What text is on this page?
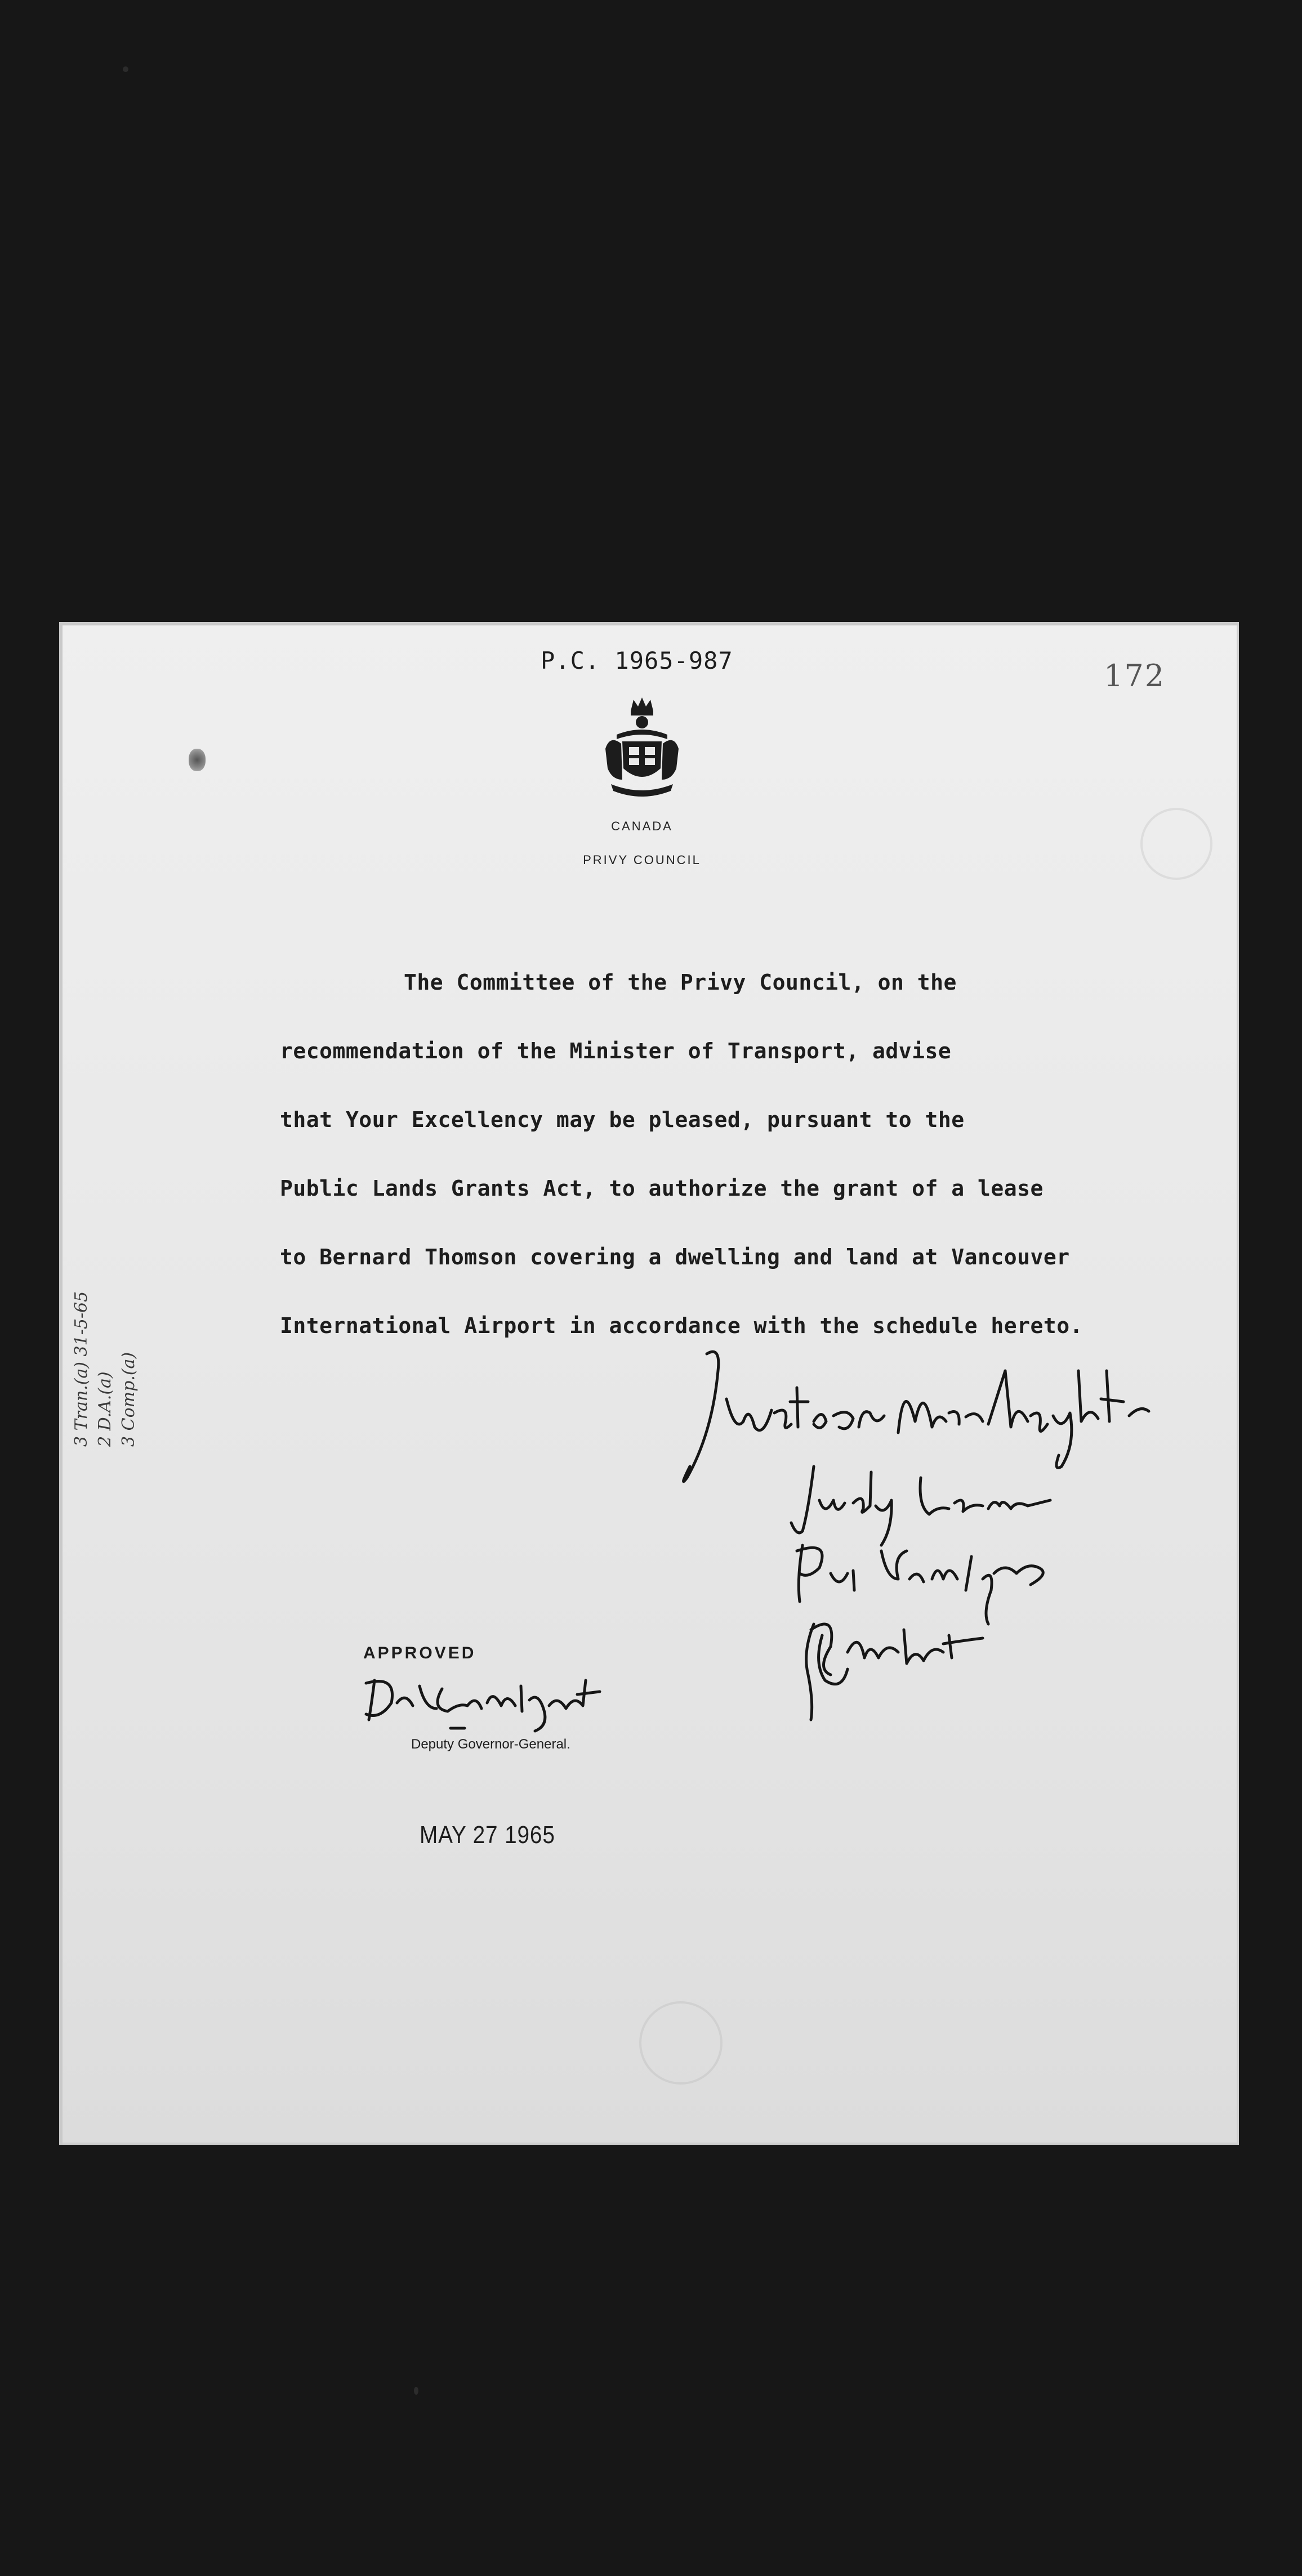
P.C. 1965-987	172
CANADA
PRIVY COUNCIL
The Committee of the Privy Council, on the
recommendation of the Minister of Transport, advise
that Your Excellency may be pleased, pursuant to the
Public Lands Grants Act, to authorize the grant of a lease
to Bernard Thomson covering a dwelling and land at Vancouver
International Airport in accordance with the schedule hereto.
3 Tran.(a) 31-5-65 2 D.A.(a) 3 Comp.(a)
APPROVED
Deputy Governor-General.
MAY 27 1965
